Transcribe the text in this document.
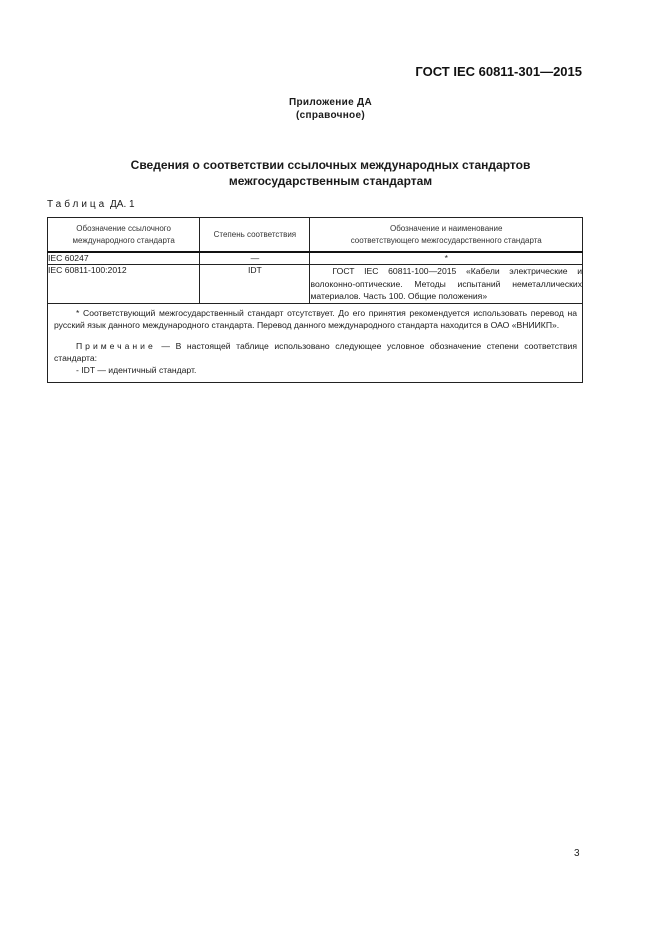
ГОСТ IEC 60811-301—2015
Приложение ДА
(справочное)
Сведения о соответствии ссылочных международных стандартов
межгосударственным стандартам
Таблица ДА. 1
Обозначение ссылочного
международного стандарта

Степень соответствия

Обозначение и наименование
соответствующего межгосударственного стандарта

IEC 60247	—	*
IEC 60811-100:2012	IDT	ГОСТ IEC 60811-100—2015 «Кабели электрические и волоконно-оптические. Методы испытаний неметаллических материалов. Часть 100. Общие положения»

* Соответствующий межгосударственный стандарт отсутствует. До его принятия рекомендуется использовать перевод на русский язык данного международного стандарта. Перевод данного международного стандарта находится в ОАО «ВНИИКП».
Примечание — В настоящей таблице использовано следующее условное обозначение степени соответствия стандарта:
- IDT — идентичный стандарт.		
3
